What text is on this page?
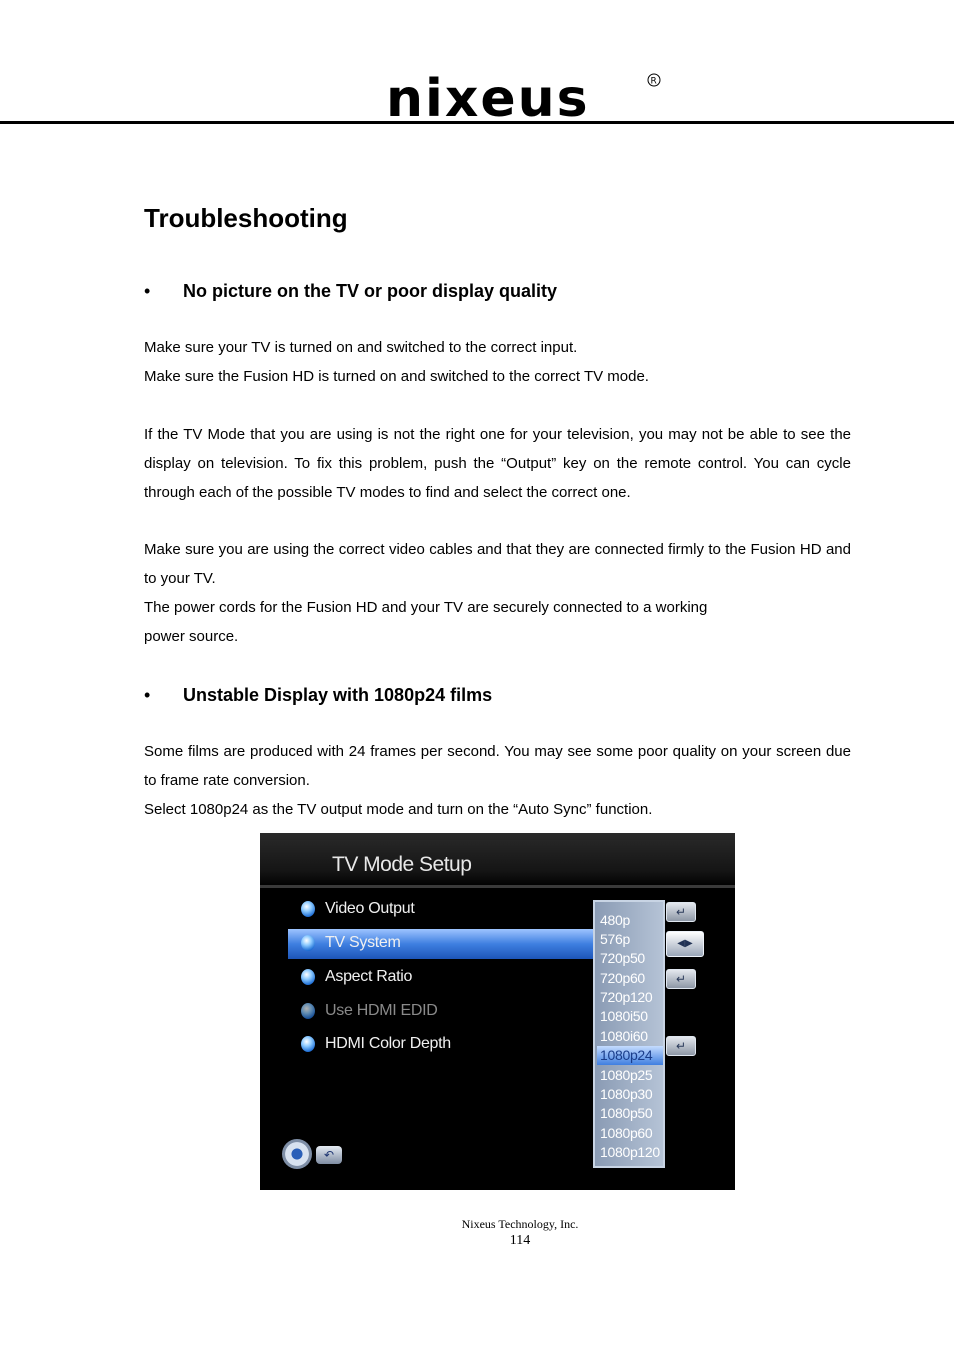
nixeus	R
Troubleshooting
• No picture on the TV or poor display quality
Make sure your TV is turned on and switched to the correct input.
Make sure the Fusion HD is turned on and switched to the correct TV mode.
If the TV Mode that you are using is not the right one for your television, you may not be able to see the display on television. To fix this problem, push the “Output” key on the remote control. You can cycle through each of the possible TV modes to find and select the correct one.
Make sure you are using the correct video cables and that they are connected firmly to the Fusion HD and to your TV.
The power cords for the Fusion HD and your TV are securely connected to a working
power source.
• Unstable Display with 1080p24 films
Some films are produced with 24 frames per second. You may see some poor quality on your screen due to frame rate conversion.
Select 1080p24 as the TV output mode and turn on the “Auto Sync” function.
TV Mode Setup
Video Output
TV System
Aspect Ratio
Use HDMI EDID
HDMI Color Depth
480p
576p
720p50
720p60
720p120
1080i50
1080i60
1080p24
1080p25
1080p30
1080p50
1080p60
1080p120
↵
◀▶
↵
↵
↶
Nixeus Technology, Inc.
114
